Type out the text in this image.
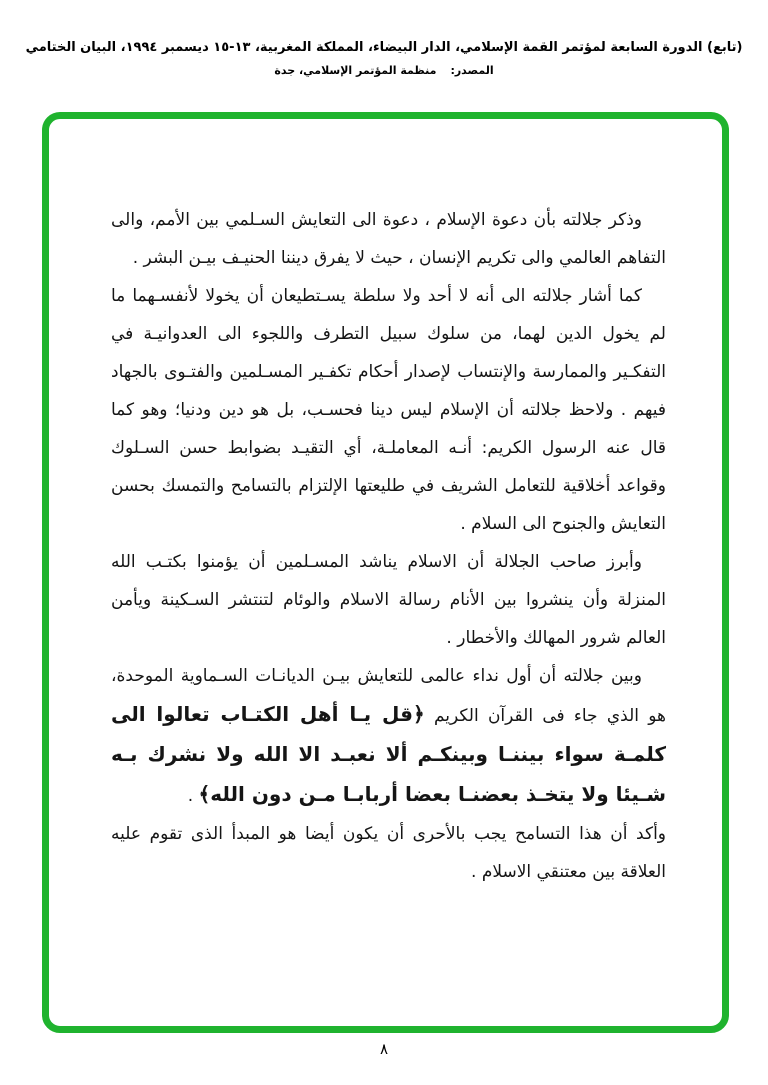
(تابع) الدورة السابعة لمؤتمر القمة الإسلامي، الدار البيضاء، المملكة المغربية، ١٣-١٥ ديسمبر ١٩٩٤، البيان الختامي
المصدر:
منظمة المؤتمر الإسلامي، جدة

وذكر جلالته بأن دعوة الإسلام ، دعوة الى التعايش السـلمي بين الأمم، والى التفاهم العالمي والى تكريم الإنسان ، حيث لا يفرق ديننا الحنيـف بيـن البشر .

كما أشار جلالته الى أنه لا أحد ولا سلطة يسـتطيعان أن يخولا لأنفسـهما ما لم يخول الدين لهما، من سلوك سبيل التطرف واللجوء الى العدوانيـة في التفكـير والممارسة والإنتساب لإصدار أحكام تكفـير المسـلمين والفتـوى بالجهاد فيهم . ولاحظ جلالته أن الإسلام ليس دينا فحسـب، بل هو دين ودنيا؛ وهو كما قال عنه الرسول الكريم: أنـه المعاملـة، أي التقيـد بضوابط حسن السـلوك وقواعد أخلاقية للتعامل الشريف في طليعتها الإلتزام بالتسامح والتمسك بحسن التعايش والجنوح الى السلام .

وأبرز صاحب الجلالة أن الاسلام يناشد المسـلمين أن يؤمنوا بكتـب الله المنزلة وأن ينشروا بين الأنام رسالة الاسلام والوئام لتنتشر السـكينة ويأمن العالم شرور المهالك والأخطار .

وبين جلالته أن أول نداء عالمى للتعايش بيـن الديانـات السـماوية الموحدة، هو الذي جاء فى القرآن الكريم ﴿قل يـا أهل الكتـاب تعالوا الى كلمـة سواء بيننـا وبينكـم ألا نعبـد الا الله ولا نشرك بـه شـيئا ولا يتخـذ بعضنـا بعضا أربابـا مـن دون الله﴾ .

وأكد أن هذا التسامح يجب بالأحرى أن يكون أيضا هو المبدأ الذى تقوم عليه العلاقة بين معتنقي الاسلام .

٨
